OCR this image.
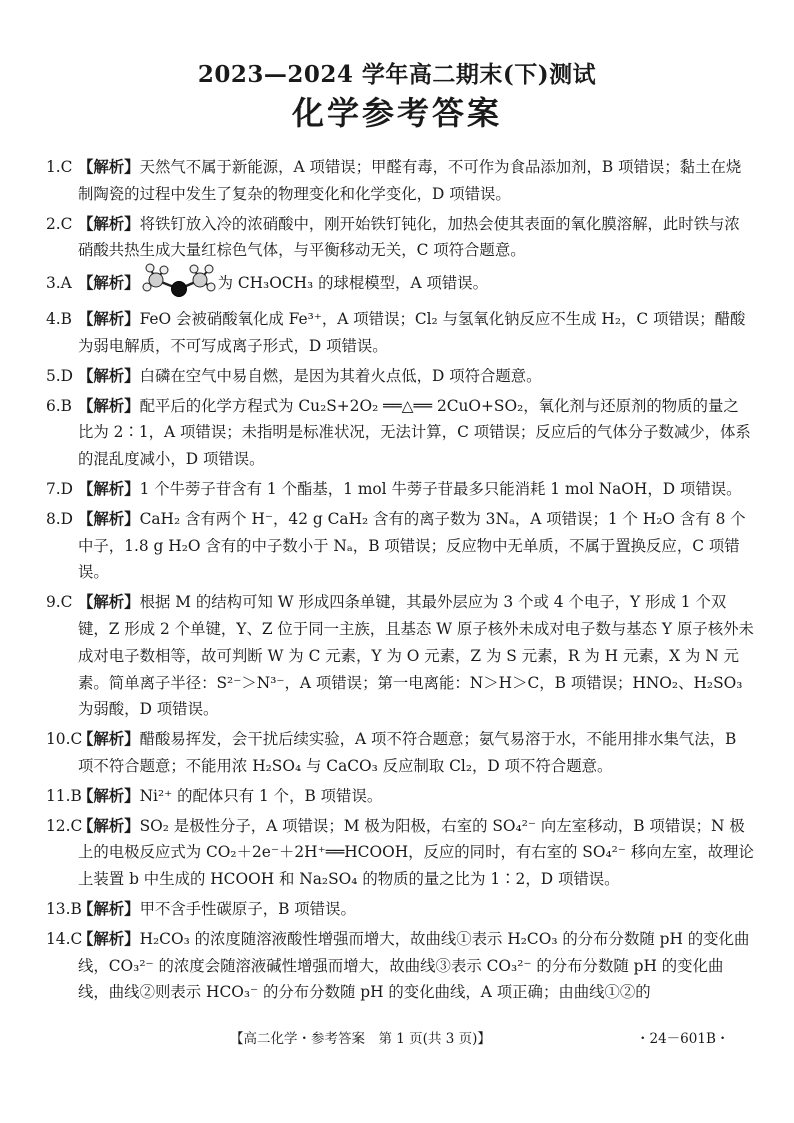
2023—2024 学年高二期末(下)测试
化学参考答案
1.C 【解析】天然气不属于新能源，A 项错误；甲醛有毒，不可作为食品添加剂，B 项错误；黏土在烧制陶瓷的过程中发生了复杂的物理变化和化学变化，D 项错误。
2.C 【解析】将铁钉放入冷的浓硝酸中，刚开始铁钉钝化，加热会使其表面的氧化膜溶解，此时铁与浓硝酸共热生成大量红棕色气体，与平衡移动无关，C 项符合题意。
3.A 【解析】	为 CH₃OCH₃ 的球棍模型，A 项错误。
4.B 【解析】FeO 会被硝酸氧化成 Fe³⁺，A 项错误；Cl₂ 与氢氧化钠反应不生成 H₂，C 项错误；醋酸为弱电解质，不可写成离子形式，D 项错误。
5.D 【解析】白磷在空气中易自燃，是因为其着火点低，D 项符合题意。
6.B 【解析】配平后的化学方程式为 Cu₂S+2O₂ ══△══ 2CuO+SO₂，氧化剂与还原剂的物质的量之比为 2∶1，A 项错误；未指明是标准状况，无法计算，C 项错误；反应后的气体分子数减少，体系的混乱度减小，D 项错误。
7.D 【解析】1 个牛蒡子苷含有 1 个酯基，1 mol 牛蒡子苷最多只能消耗 1 mol NaOH，D 项错误。
8.D 【解析】CaH₂ 含有两个 H⁻，42 g CaH₂ 含有的离子数为 3Nₐ，A 项错误；1 个 H₂O 含有 8 个中子，1.8 g H₂O 含有的中子数小于 Nₐ，B 项错误；反应物中无单质，不属于置换反应，C 项错误。
9.C 【解析】根据 M 的结构可知 W 形成四条单键，其最外层应为 3 个或 4 个电子，Y 形成 1 个双键，Z 形成 2 个单键，Y、Z 位于同一主族，且基态 W 原子核外未成对电子数与基态 Y 原子核外未成对电子数相等，故可判断 W 为 C 元素，Y 为 O 元素，Z 为 S 元素，R 为 H 元素，X 为 N 元素。简单离子半径：S²⁻＞N³⁻，A 项错误；第一电离能：N＞H＞C，B 项错误；HNO₂、H₂SO₃ 为弱酸，D 项错误。
10.C
【解析】醋酸易挥发，会干扰后续实验，A 项不符合题意；氨气易溶于水，不能用排水集气法，B 项不符合题意；不能用浓 H₂SO₄ 与 CaCO₃ 反应制取 Cl₂，D 项不符合题意。
11.B
【解析】Ni²⁺ 的配体只有 1 个，B 项错误。
12.C
【解析】SO₂ 是极性分子，A 项错误；M 极为阳极，右室的 SO₄²⁻ 向左室移动，B 项错误；N 极上的电极反应式为 CO₂＋2e⁻＋2H⁺══HCOOH，反应的同时，有右室的 SO₄²⁻ 移向左室，故理论上装置 b 中生成的 HCOOH 和 Na₂SO₄ 的物质的量之比为 1∶2，D 项错误。
13.B
【解析】甲不含手性碳原子，B 项错误。
14.C
【解析】H₂CO₃ 的浓度随溶液酸性增强而增大，故曲线①表示 H₂CO₃ 的分布分数随 pH 的变化曲线，CO₃²⁻ 的浓度会随溶液碱性增强而增大，故曲线③表示 CO₃²⁻ 的分布分数随 pH 的变化曲线，曲线②则表示 HCO₃⁻ 的分布分数随 pH 的变化曲线，A 项正确；由曲线①②的
【高二化学・参考答案　第 1 页(共 3 页)】	・24－601B・
